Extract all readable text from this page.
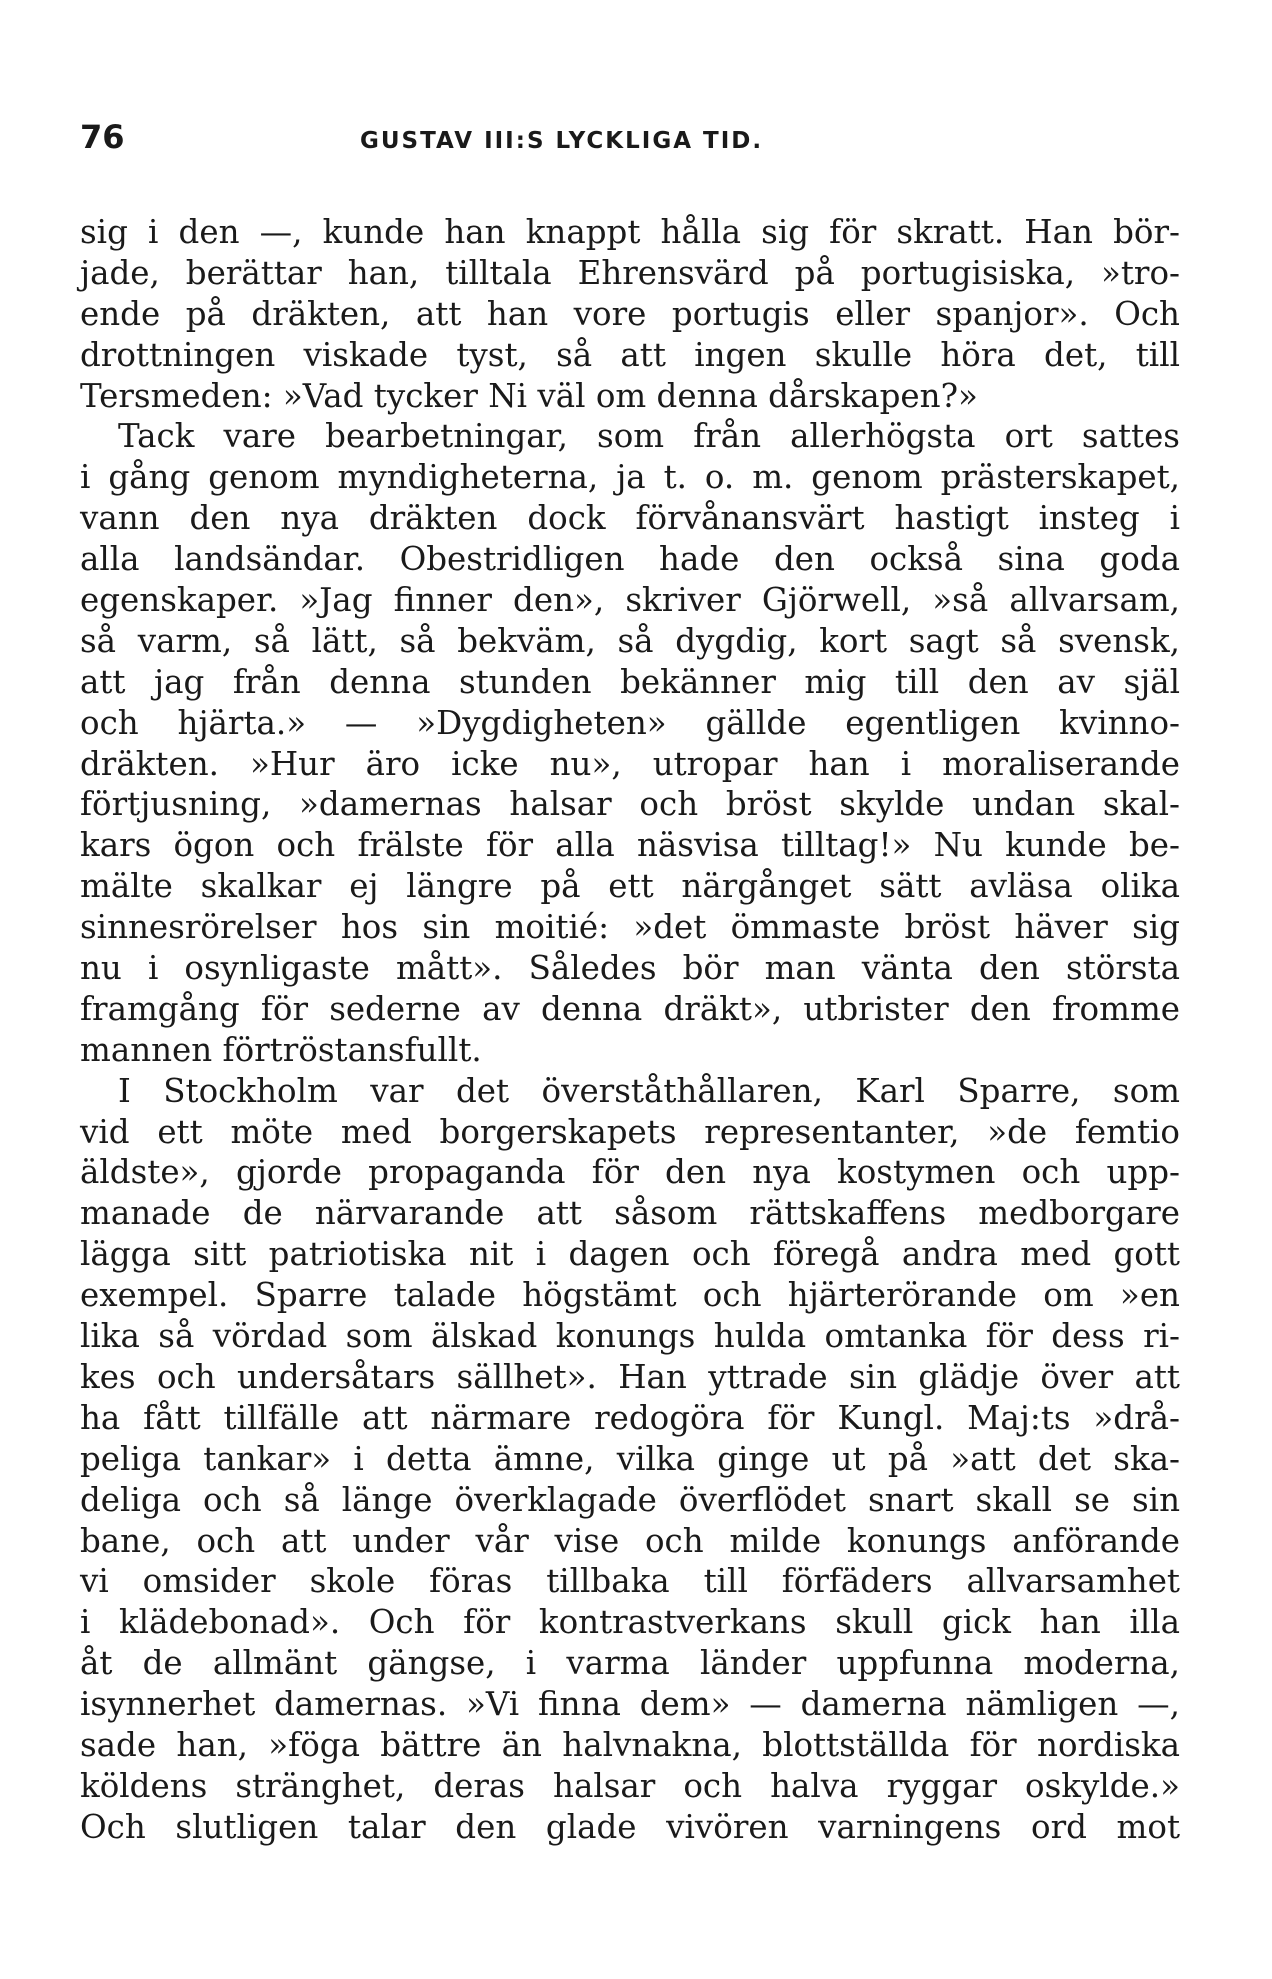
76	GUSTAV III:S LYCKLIGA TID.
sig i den —, kunde han knappt hålla sig för skratt. Han bör-
jade, berättar han, tilltala Ehrensvärd på portugisiska, »tro-
ende på dräkten, att han vore portugis eller spanjor». Och
drottningen viskade tyst, så att ingen skulle höra det, till
Tersmeden: »Vad tycker Ni väl om denna dårskapen?»
Tack vare bearbetningar, som från allerhögsta ort sattes
i gång genom myndigheterna, ja t. o. m. genom prästerskapet,
vann den nya dräkten dock förvånansvärt hastigt insteg i
alla landsändar. Obestridligen hade den också sina goda
egenskaper. »Jag finner den», skriver Gjörwell, »så allvarsam,
så varm, så lätt, så bekväm, så dygdig, kort sagt så svensk,
att jag från denna stunden bekänner mig till den av själ
och hjärta.» — »Dygdigheten» gällde egentligen kvinno-
dräkten. »Hur äro icke nu», utropar han i moraliserande
förtjusning, »damernas halsar och bröst skylde undan skal-
kars ögon och frälste för alla näsvisa tilltag!» Nu kunde be-
mälte skalkar ej längre på ett närgånget sätt avläsa olika
sinnesrörelser hos sin moitié: »det ömmaste bröst häver sig
nu i osynligaste mått». Således bör man vänta den största
framgång för sederne av denna dräkt», utbrister den fromme
mannen förtröstansfullt.
I Stockholm var det överståthållaren, Karl Sparre, som
vid ett möte med borgerskapets representanter, »de femtio
äldste», gjorde propaganda för den nya kostymen och upp-
manade de närvarande att såsom rättskaffens medborgare
lägga sitt patriotiska nit i dagen och föregå andra med gott
exempel. Sparre talade högstämt och hjärterörande om »en
lika så vördad som älskad konungs hulda omtanka för dess ri-
kes och undersåtars sällhet». Han yttrade sin glädje över att
ha fått tillfälle att närmare redogöra för Kungl. Maj:ts »drå-
peliga tankar» i detta ämne, vilka ginge ut på »att det ska-
deliga och så länge överklagade överflödet snart skall se sin
bane, och att under vår vise och milde konungs anförande
vi omsider skole föras tillbaka till förfäders allvarsamhet
i klädebonad». Och för kontrastverkans skull gick han illa
åt de allmänt gängse, i varma länder uppfunna moderna,
isynnerhet damernas. »Vi finna dem» — damerna nämligen —,
sade han, »föga bättre än halvnakna, blottställda för nordiska
köldens stränghet, deras halsar och halva ryggar oskylde.»
Och slutligen talar den glade vivören varningens ord mot
